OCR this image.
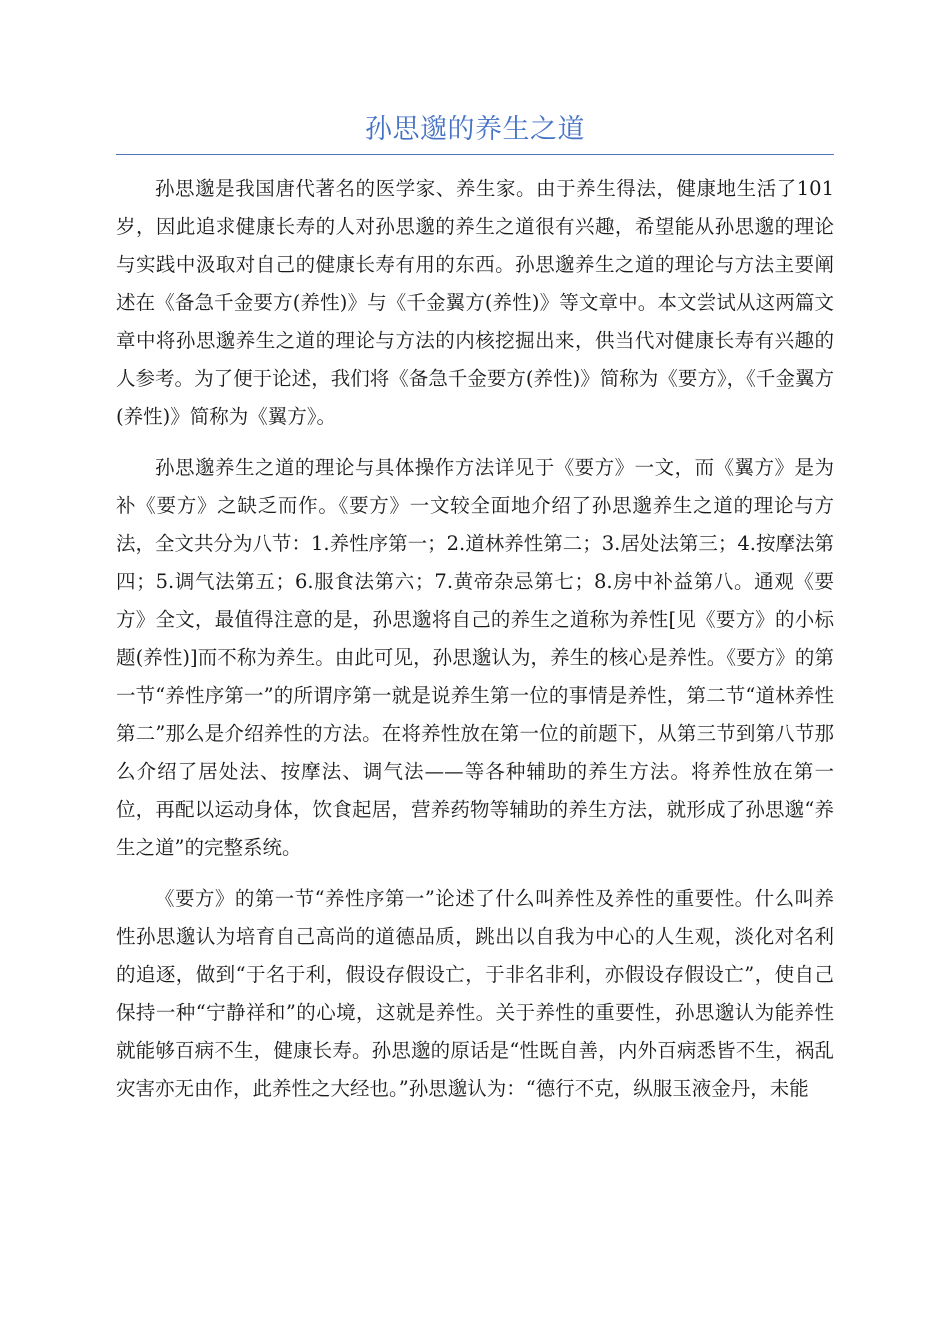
孙思邈的养生之道

孙思邈是我国唐代著名的医学家、养生家。由于养生得法，健康地生活了101岁，因此追求健康长寿的人对孙思邈的养生之道很有兴趣，希望能从孙思邈的理论与实践中汲取对自己的健康长寿有用的东西。孙思邈养生之道的理论与方法主要阐述在《备急千金要方(养性)》与《千金翼方(养性)》等文章中。本文尝试从这两篇文章中将孙思邈养生之道的理论与方法的内核挖掘出来，供当代对健康长寿有兴趣的人参考。为了便于论述，我们将《备急千金要方(养性)》简称为《要方》，《千金翼方(养性)》简称为《翼方》。

孙思邈养生之道的理论与具体操作方法详见于《要方》一文，而《翼方》是为补《要方》之缺乏而作。《要方》一文较全面地介绍了孙思邈养生之道的理论与方法，全文共分为八节：1.养性序第一；2.道林养性第二；3.居处法第三；4.按摩法第四；5.调气法第五；6.服食法第六；7.黄帝杂忌第七；8.房中补益第八。通观《要方》全文，最值得注意的是，孙思邈将自己的养生之道称为养性[见《要方》的小标题(养性)]而不称为养生。由此可见，孙思邈认为，养生的核心是养性。《要方》的第一节“养性序第一”的所谓序第一就是说养生第一位的事情是养性，第二节“道林养性第二”那么是介绍养性的方法。在将养性放在第一位的前题下，从第三节到第八节那么介绍了居处法、按摩法、调气法——等各种辅助的养生方法。将养性放在第一位，再配以运动身体，饮食起居，营养药物等辅助的养生方法，就形成了孙思邈“养生之道”的完整系统。

《要方》的第一节“养性序第一”论述了什么叫养性及养性的重要性。什么叫养性孙思邈认为培育自己高尚的道德品质，跳出以自我为中心的人生观，淡化对名利的追逐，做到“于名于利，假设存假设亡，于非名非利，亦假设存假设亡”，使自己保持一种“宁静祥和”的心境，这就是养性。关于养性的重要性，孙思邈认为能养性就能够百病不生，健康长寿。孙思邈的原话是“性既自善，内外百病悉皆不生，祸乱灾害亦无由作，此养性之大经也。”孙思邈认为：“德行不克，纵服玉液金丹，未能
